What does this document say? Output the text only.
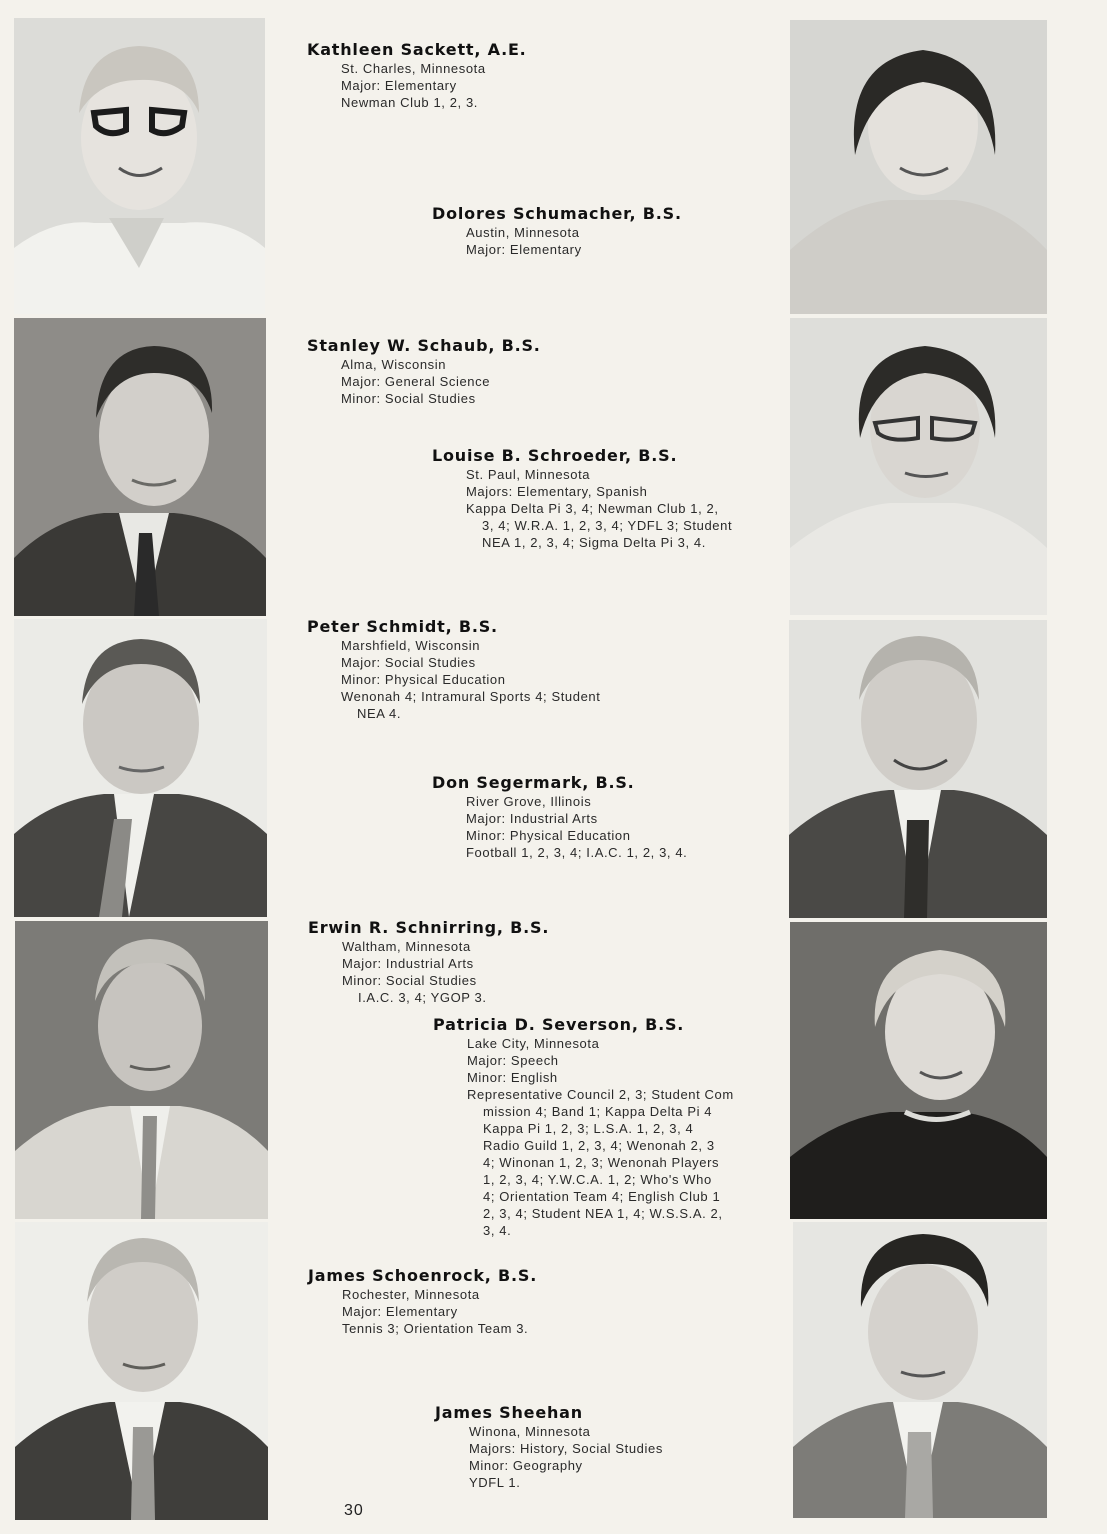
Kathleen Sackett, A.E.
St. Charles, Minnesota
Major: Elementary
Newman Club 1, 2, 3.
Dolores Schumacher, B.S.
Austin, Minnesota
Major: Elementary
Stanley W. Schaub, B.S.
Alma, Wisconsin
Major: General Science
Minor: Social Studies
Louise B. Schroeder, B.S.
St. Paul, Minnesota
Majors: Elementary, Spanish
Kappa Delta Pi 3, 4; Newman Club 1, 2,
3, 4; W.R.A. 1, 2, 3, 4; YDFL 3; Student
NEA 1, 2, 3, 4; Sigma Delta Pi 3, 4.
Peter Schmidt, B.S.
Marshfield, Wisconsin
Major: Social Studies
Minor: Physical Education
Wenonah 4; Intramural Sports 4; Student
NEA 4.
Don Segermark, B.S.
River Grove, Illinois
Major: Industrial Arts
Minor: Physical Education
Football 1, 2, 3, 4; I.A.C. 1, 2, 3, 4.
Erwin R. Schnirring, B.S.
Waltham, Minnesota
Major: Industrial Arts
Minor: Social Studies
I.A.C. 3, 4; YGOP 3.
Patricia D. Severson, B.S.
Lake City, Minnesota
Major: Speech
Minor: English
Representative Council 2, 3; Student Com
mission 4; Band 1; Kappa Delta Pi 4
Kappa Pi 1, 2, 3; L.S.A. 1, 2, 3, 4
Radio Guild 1, 2, 3, 4; Wenonah 2, 3
4; Winonan 1, 2, 3; Wenonah Players
1, 2, 3, 4; Y.W.C.A. 1, 2; Who's Who
4; Orientation Team 4; English Club 1
2, 3, 4; Student NEA 1, 4; W.S.S.A. 2,
3, 4.
James Schoenrock, B.S.
Rochester, Minnesota
Major: Elementary
Tennis 3; Orientation Team 3.
James Sheehan
Winona, Minnesota
Majors: History, Social Studies
Minor: Geography
YDFL 1.
30
